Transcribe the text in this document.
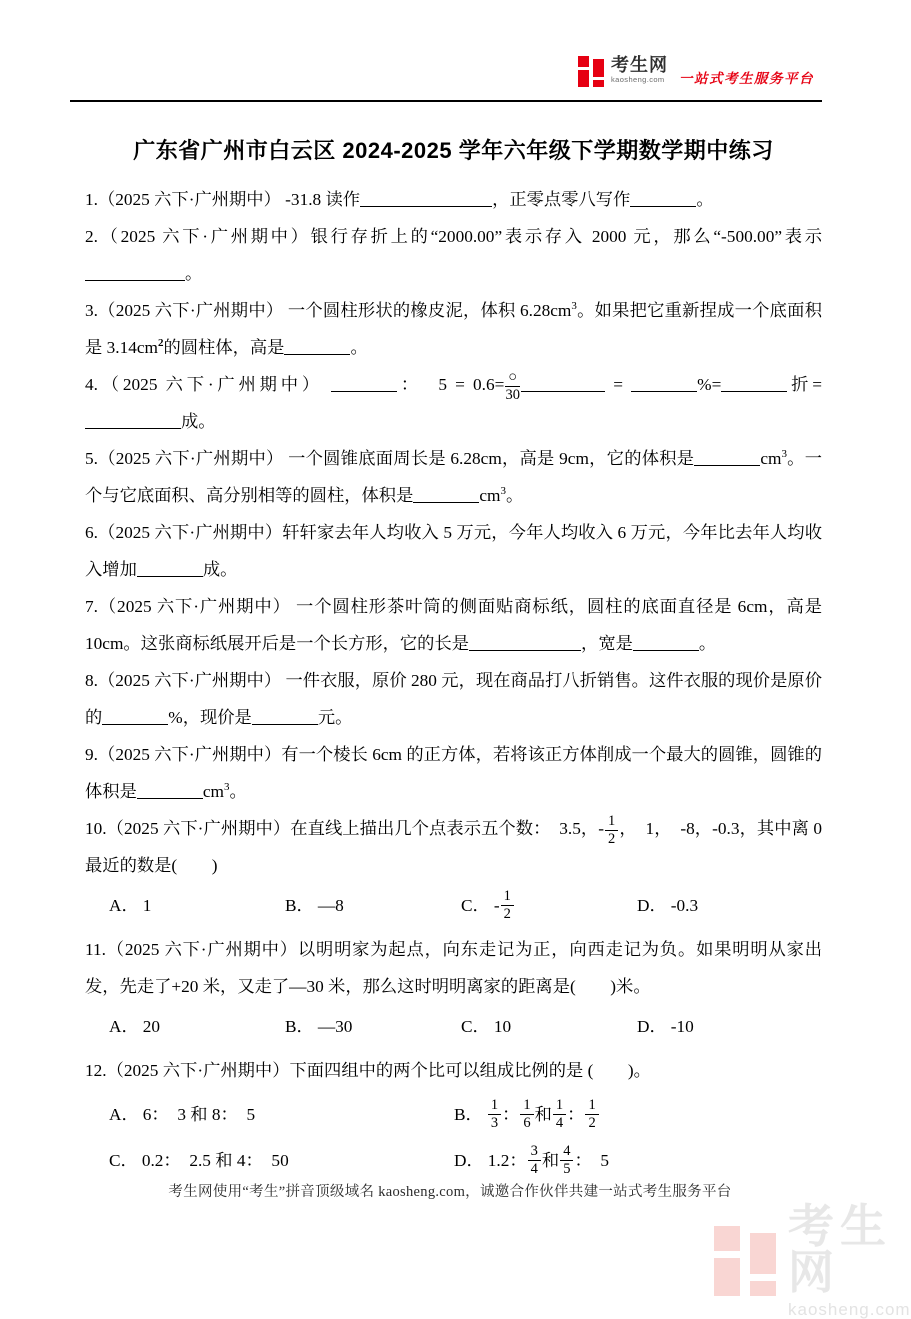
考生网
kaosheng.com 一站式考生服务平台
广东省广州市白云区 2024-2025 学年六年级下学期数学期中练习
1.（2025 六下·广州期中） -31.8 读作	，正零点零八写作	。
2.（2025 六下·广州期中）银行存折上的“2000.00”表示存入 2000 元，那么“-500.00”表示。
3.（2025 六下·广州期中） 一个圆柱形状的橡皮泥，体积 $6.28cm^3$。如果把它重新捏成一个底面积是 $3.14cm^2$的圆柱体，高是	。
4.（2025 六下·广州期中）	：  $5 = 0.6= \frac{○}{30}$	=	%=	折=成。
5.（2025 六下·广州期中） 一个圆锥底面周长是 6.28cm，高是 9cm，它的体积是	$cm^3$。一个与它底面积、高分别相等的圆柱，体积是	$cm^3$。
6.（2025 六下·广州期中）轩轩家去年人均收入 5 万元，今年人均收入 6 万元，今年比去年人均收入增加	成。
7.（2025 六下·广州期中） 一个圆柱形茶叶筒的侧面贴商标纸，圆柱的底面直径是 6cm，高是 10cm。这张商标纸展开后是一个长方形，它的长是	，宽是	。
8.（2025 六下·广州期中） 一件衣服，原价 280 元，现在商品打八折销售。这件衣服的现价是原价的	%，现价是	元。
9.（2025 六下·广州期中）有一个棱长 6cm 的正方体，若将该正方体削成一个最大的圆锥，圆锥的体积是	$cm^3$。
10.（2025 六下·广州期中）在直线上描出几个点表示五个数：  3.5，- $\frac{1}{2}$ ，  1，  -8，-0.3，其中离 0 最近的数是(　　)
A． 1	B． —8	C． - $\frac{1}{2}$	D． -0.3
11.（2025 六下·广州期中）以明明家为起点，向东走记为正，向西走记为负。如果明明从家出发，先走了+20 米，又走了—30 米，那么这时明明离家的距离是(　　)米。
A． 20	B． —30	C． 10	D． -10
12.（2025 六下·广州期中）下面四组中的两个比可以组成比例的是 (　　)。
A． 6：  3 和 8：  5	B． $\frac{1}{3}$ ： $\frac{1}{6}$ 和 $\frac{1}{4}$ ： $\frac{1}{2}$
C． 0.2：  2.5 和 4：  50	D． 1.2： $\frac{3}{4}$ 和 $\frac{4}{5}$ ：  5
考生网使用“考生”拼音顶级域名 kaosheng.com，诚邀合作伙伴共建一站式考生服务平台
考生网
kaosheng.com
